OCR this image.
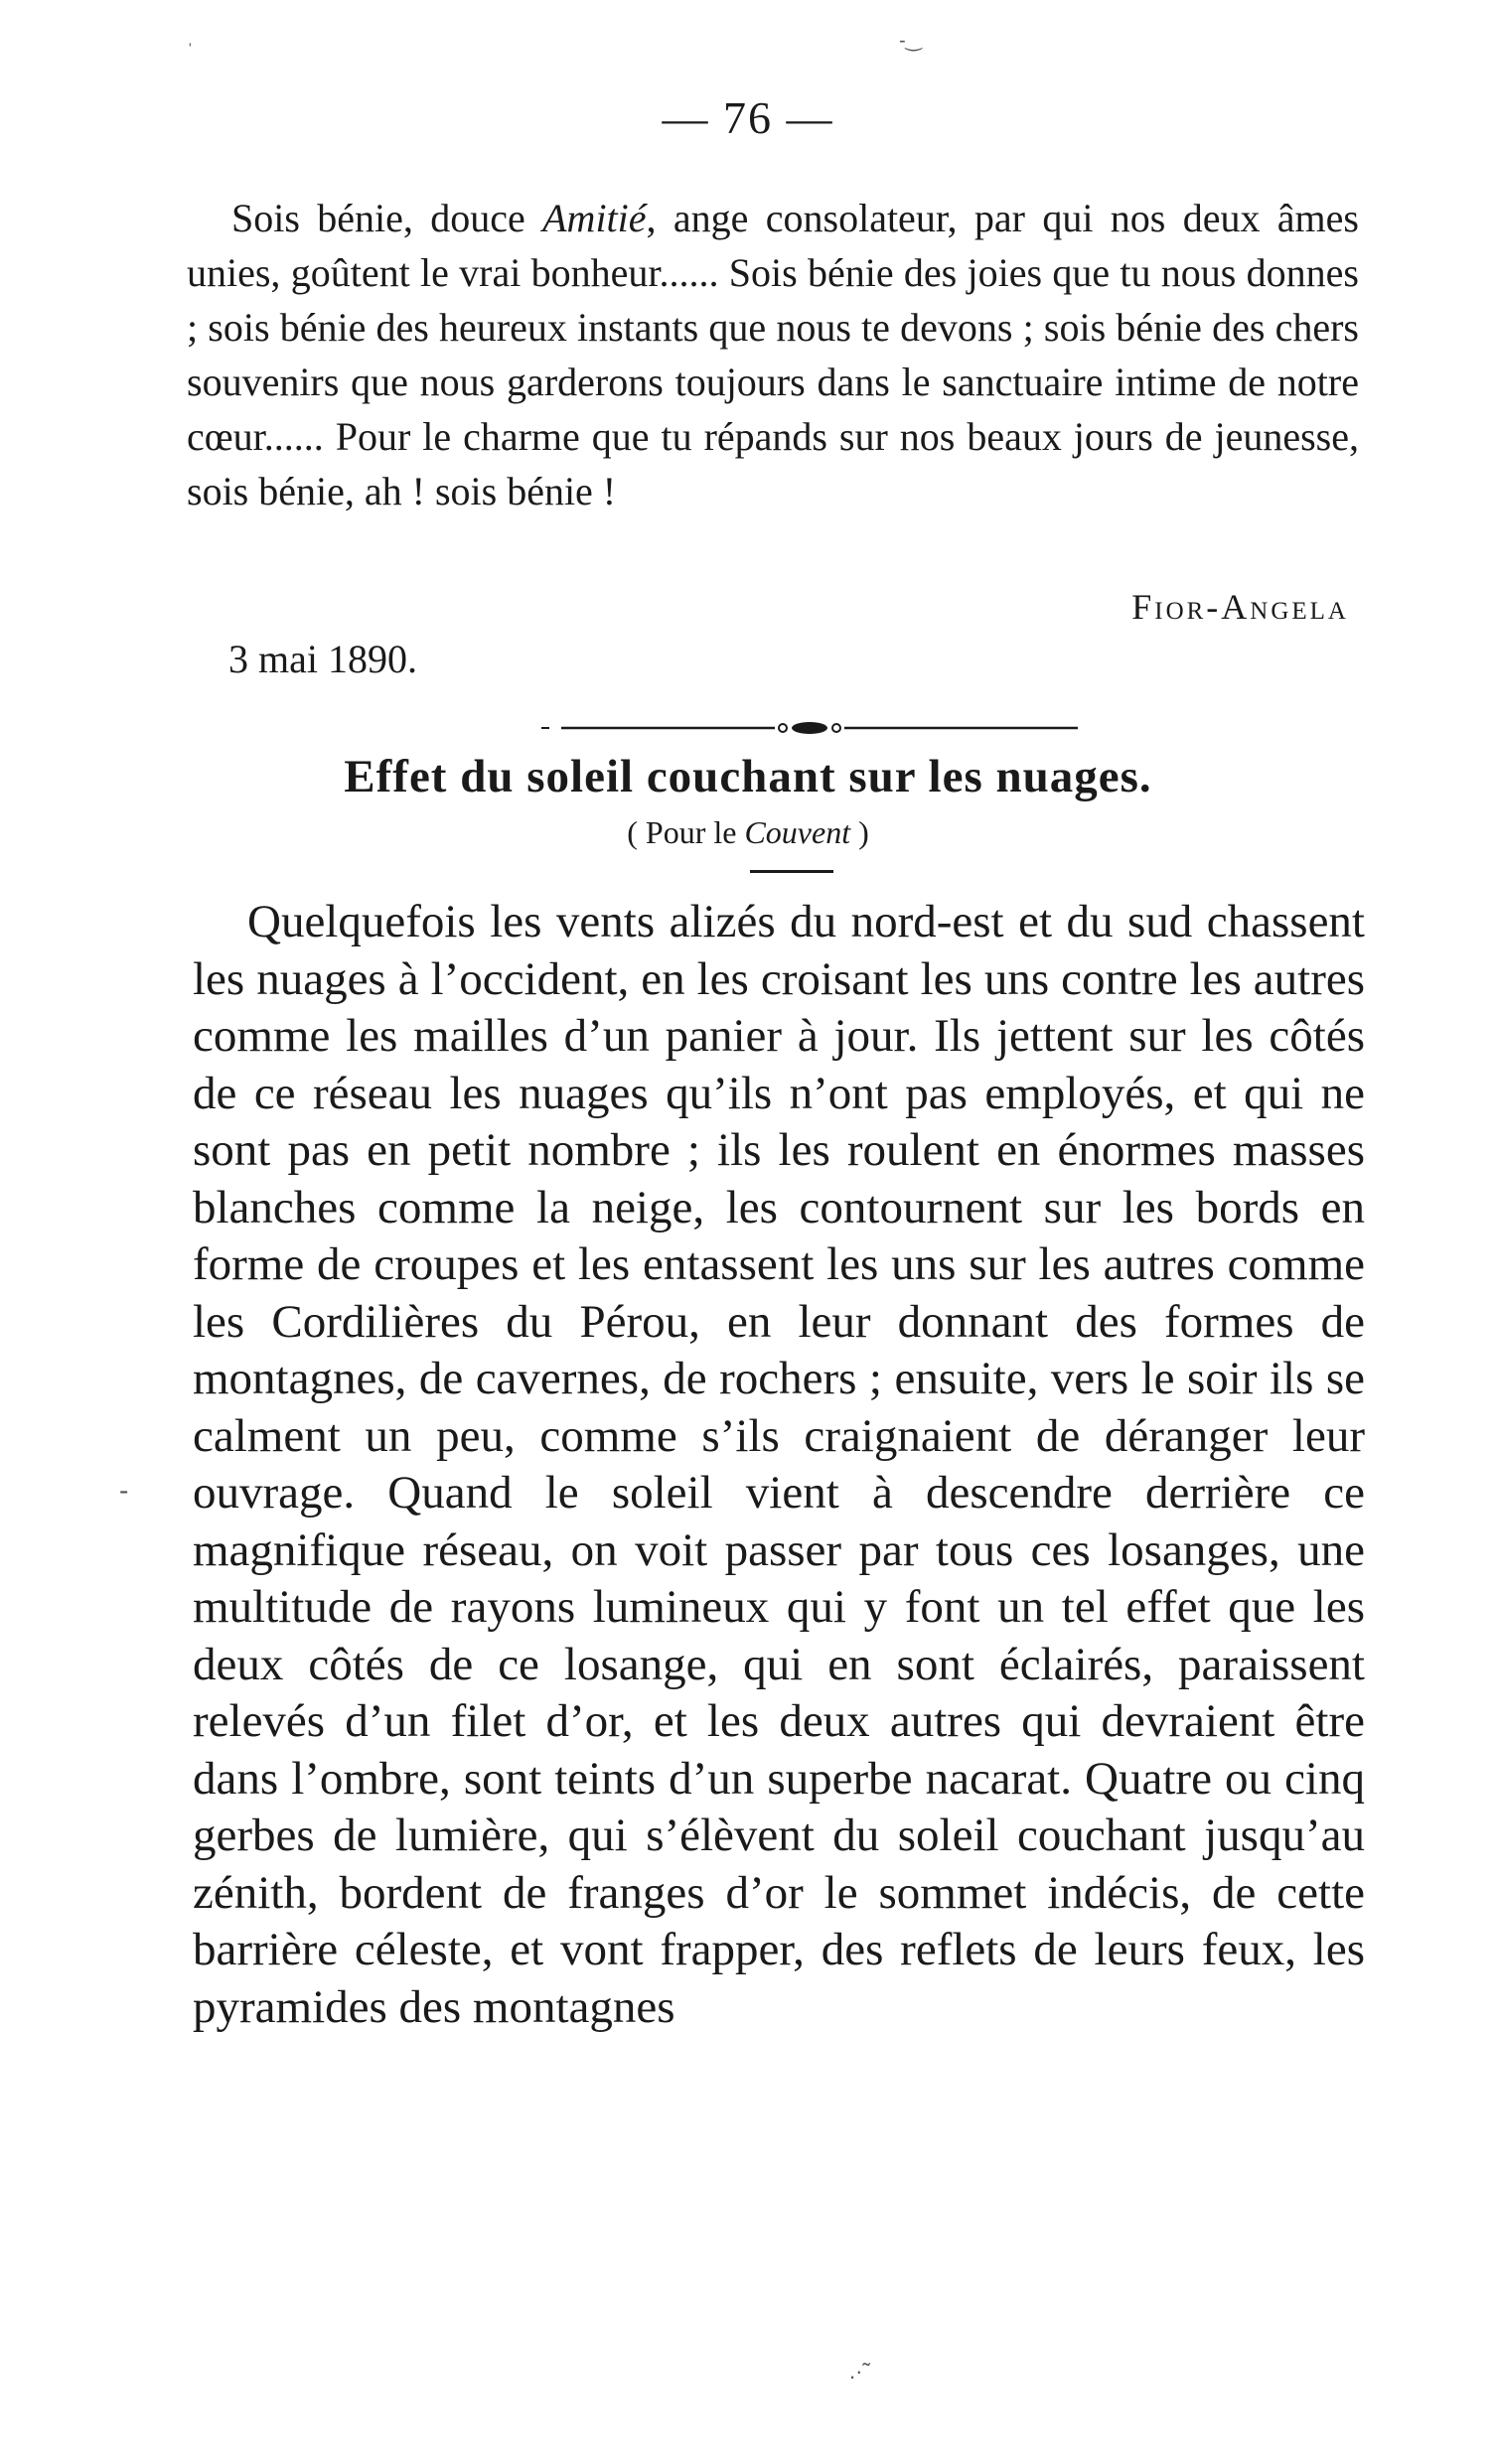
'	-‿
-
.·˜
— 76 —
Sois bénie, douce Amitié, ange consolateur, par qui nos deux âmes unies, goûtent le vrai bonheur...... Sois bénie des joies que tu nous donnes ; sois bénie des heureux instants que nous te devons ; sois bénie des chers souvenirs que nous garderons toujours dans le sanctuaire intime de notre cœur...... Pour le charme que tu répands sur nos beaux jours de jeunesse, sois bénie, ah ! sois bénie !
Fior-Angela
3 mai 1890.
Effet du soleil couchant sur les nuages.
( Pour le Couvent )
Quelquefois les vents alizés du nord-est et du sud chassent les nuages à l’occident, en les croisant les uns contre les autres comme les mailles d’un panier à jour. Ils jettent sur les côtés de ce réseau les nuages qu’ils n’ont pas employés, et qui ne sont pas en petit nombre ; ils les roulent en énormes masses blanches comme la neige, les contournent sur les bords en forme de croupes et les entassent les uns sur les autres comme les Cordilières du Pérou, en leur donnant des formes de montagnes, de cavernes, de rochers ; ensuite, vers le soir ils se calment un peu, comme s’ils craignaient de déranger leur ouvrage. Quand le soleil vient à descendre derrière ce magnifique réseau, on voit passer par tous ces losanges, une multitude de rayons lumineux qui y font un tel effet que les deux côtés de ce losange, qui en sont éclairés, paraissent relevés d’un filet d’or, et les deux autres qui devraient être dans l’ombre, sont teints d’un superbe nacarat. Quatre ou cinq gerbes de lumière, qui s’élèvent du soleil couchant jusqu’au zénith, bordent de franges d’or le sommet indécis, de cette barrière céleste, et vont frapper, des reflets de leurs feux, les pyramides des montagnes
